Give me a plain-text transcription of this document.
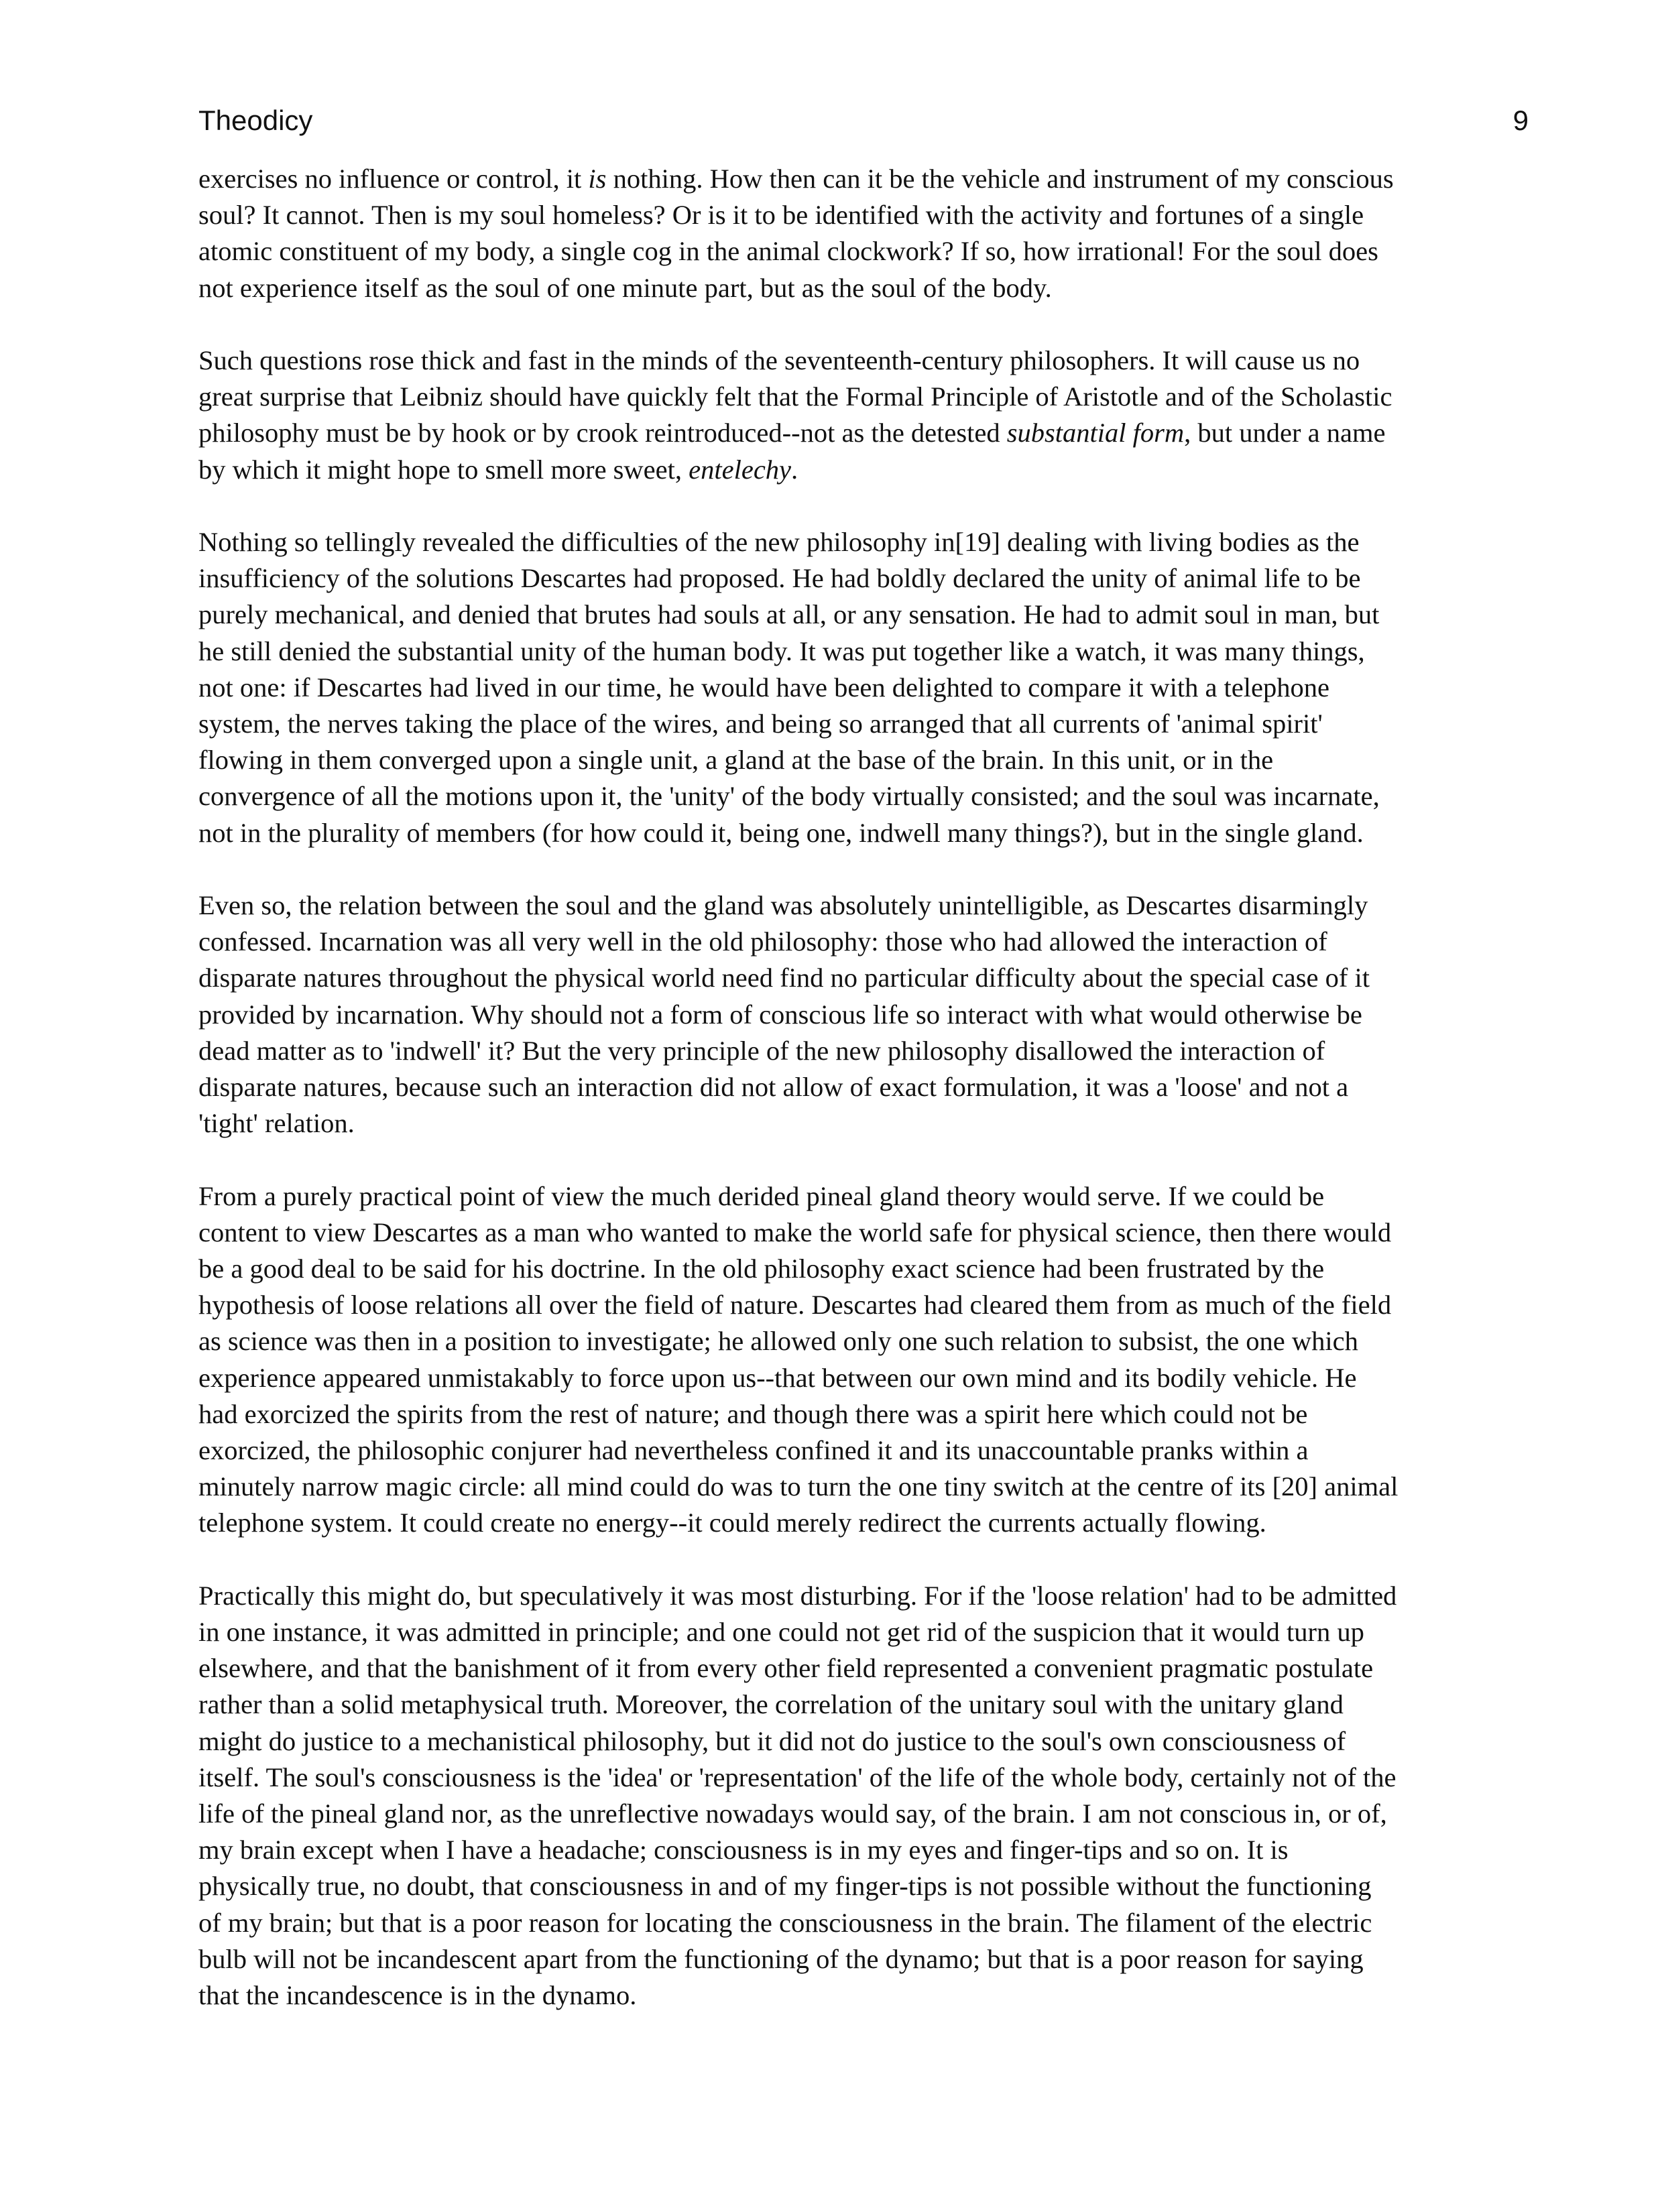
Theodicy	9

exercises no influence or control, it is nothing. How then can it be the vehicle and instrument of my conscious
soul? It cannot. Then is my soul homeless? Or is it to be identified with the activity and fortunes of a single
atomic constituent of my body, a single cog in the animal clockwork? If so, how irrational! For the soul does
not experience itself as the soul of one minute part, but as the soul of the body.

Such questions rose thick and fast in the minds of the seventeenth-century philosophers. It will cause us no
great surprise that Leibniz should have quickly felt that the Formal Principle of Aristotle and of the Scholastic
philosophy must be by hook or by crook reintroduced--not as the detested substantial form, but under a name
by which it might hope to smell more sweet, entelechy.

Nothing so tellingly revealed the difficulties of the new philosophy in[19] dealing with living bodies as the
insufficiency of the solutions Descartes had proposed. He had boldly declared the unity of animal life to be
purely mechanical, and denied that brutes had souls at all, or any sensation. He had to admit soul in man, but
he still denied the substantial unity of the human body. It was put together like a watch, it was many things,
not one: if Descartes had lived in our time, he would have been delighted to compare it with a telephone
system, the nerves taking the place of the wires, and being so arranged that all currents of 'animal spirit'
flowing in them converged upon a single unit, a gland at the base of the brain. In this unit, or in the
convergence of all the motions upon it, the 'unity' of the body virtually consisted; and the soul was incarnate,
not in the plurality of members (for how could it, being one, indwell many things?), but in the single gland.

Even so, the relation between the soul and the gland was absolutely unintelligible, as Descartes disarmingly
confessed. Incarnation was all very well in the old philosophy: those who had allowed the interaction of
disparate natures throughout the physical world need find no particular difficulty about the special case of it
provided by incarnation. Why should not a form of conscious life so interact with what would otherwise be
dead matter as to 'indwell' it? But the very principle of the new philosophy disallowed the interaction of
disparate natures, because such an interaction did not allow of exact formulation, it was a 'loose' and not a
'tight' relation.

From a purely practical point of view the much derided pineal gland theory would serve. If we could be
content to view Descartes as a man who wanted to make the world safe for physical science, then there would
be a good deal to be said for his doctrine. In the old philosophy exact science had been frustrated by the
hypothesis of loose relations all over the field of nature. Descartes had cleared them from as much of the field
as science was then in a position to investigate; he allowed only one such relation to subsist, the one which
experience appeared unmistakably to force upon us--that between our own mind and its bodily vehicle. He
had exorcized the spirits from the rest of nature; and though there was a spirit here which could not be
exorcized, the philosophic conjurer had nevertheless confined it and its unaccountable pranks within a
minutely narrow magic circle: all mind could do was to turn the one tiny switch at the centre of its [20] animal
telephone system. It could create no energy--it could merely redirect the currents actually flowing.

Practically this might do, but speculatively it was most disturbing. For if the 'loose relation' had to be admitted
in one instance, it was admitted in principle; and one could not get rid of the suspicion that it would turn up
elsewhere, and that the banishment of it from every other field represented a convenient pragmatic postulate
rather than a solid metaphysical truth. Moreover, the correlation of the unitary soul with the unitary gland
might do justice to a mechanistical philosophy, but it did not do justice to the soul's own consciousness of
itself. The soul's consciousness is the 'idea' or 'representation' of the life of the whole body, certainly not of the
life of the pineal gland nor, as the unreflective nowadays would say, of the brain. I am not conscious in, or of,
my brain except when I have a headache; consciousness is in my eyes and finger-tips and so on. It is
physically true, no doubt, that consciousness in and of my finger-tips is not possible without the functioning
of my brain; but that is a poor reason for locating the consciousness in the brain. The filament of the electric
bulb will not be incandescent apart from the functioning of the dynamo; but that is a poor reason for saying
that the incandescence is in the dynamo.
